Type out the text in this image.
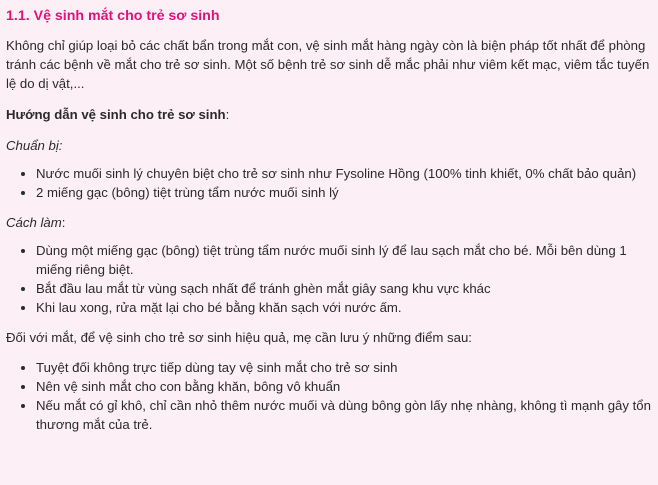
1.1. Vệ sinh mắt cho trẻ sơ sinh

Không chỉ giúp loại bỏ các chất bẩn trong mắt con, vệ sinh mắt hàng ngày còn là biện pháp tốt nhất để phòng tránh các bệnh về mắt cho trẻ sơ sinh. Một số bệnh trẻ sơ sinh dễ mắc phải như viêm kết mạc, viêm tắc tuyến lệ do dị vật,...

Hướng dẫn vệ sinh cho trẻ sơ sinh:

Chuẩn bị:

• Nước muối sinh lý chuyên biệt cho trẻ sơ sinh như Fysoline Hồng (100% tinh khiết, 0% chất bảo quản)
• 2 miếng gạc (bông) tiệt trùng tẩm nước muối sinh lý

Cách làm:

• Dùng một miếng gạc (bông) tiệt trùng tẩm nước muối sinh lý để lau sạch mắt cho bé. Mỗi bên dùng 1 miếng riêng biệt.
• Bắt đầu lau mắt từ vùng sạch nhất để tránh ghèn mắt giây sang khu vực khác
• Khi lau xong, rửa mặt lại cho bé bằng khăn sạch với nước ấm.

Đối với mắt, để vệ sinh cho trẻ sơ sinh hiệu quả, mẹ cần lưu ý những điểm sau:

• Tuyệt đối không trực tiếp dùng tay vệ sinh mắt cho trẻ sơ sinh
• Nên vệ sinh mắt cho con bằng khăn, bông vô khuẩn
• Nếu mắt có gỉ khô, chỉ cần nhỏ thêm nước muối và dùng bông gòn lấy nhẹ nhàng, không tì mạnh gây tổn thương mắt của trẻ.
